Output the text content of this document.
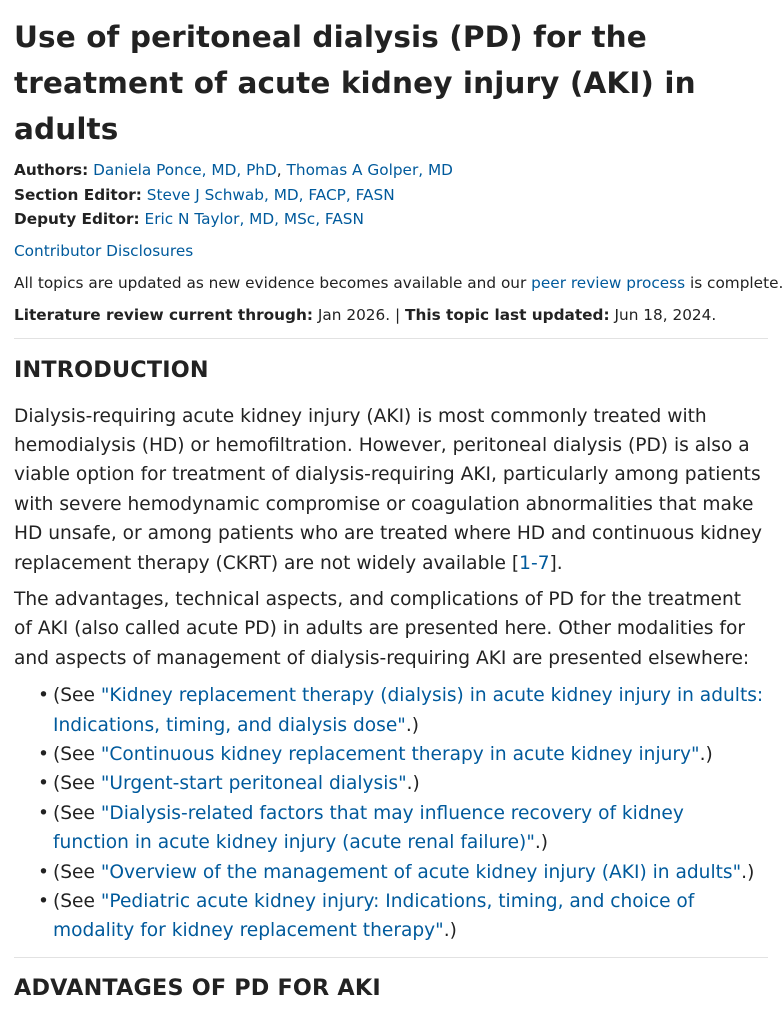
Use of peritoneal dialysis (PD) for the treatment of acute kidney injury (AKI) in adults
Authors: Daniela Ponce, MD, PhD, Thomas A Golper, MD
Section Editor: Steve J Schwab, MD, FACP, FASN
Deputy Editor: Eric N Taylor, MD, MSc, FASN
Contributor Disclosures
All topics are updated as new evidence becomes available and our peer review process is complete.
Literature review current through: Jan 2026. | This topic last updated: Jun 18, 2024.
INTRODUCTION

Dialysis-requiring acute kidney injury (AKI) is most commonly treated with hemodialysis (HD) or hemofiltration. However, peritoneal dialysis (PD) is also a viable option for treatment of dialysis-requiring AKI, particularly among patients with severe hemodynamic compromise or coagulation abnormalities that make HD unsafe, or among patients who are treated where HD and continuous kidney replacement therapy (CKRT) are not widely available [1-7].

The advantages, technical aspects, and complications of PD for the treatment of AKI (also called acute PD) in adults are presented here. Other modalities for and aspects of management of dialysis-requiring AKI are presented elsewhere:

• (See "Kidney replacement therapy (dialysis) in acute kidney injury in adults: Indications, timing, and dialysis dose".)
• (See "Continuous kidney replacement therapy in acute kidney injury".)
• (See "Urgent-start peritoneal dialysis".)
• (See "Dialysis-related factors that may influence recovery of kidney function in acute kidney injury (acute renal failure)".)
• (See "Overview of the management of acute kidney injury (AKI) in adults".)
• (See "Pediatric acute kidney injury: Indications, timing, and choice of modality for kidney replacement therapy".)
ADVANTAGES OF PD FOR AKI
